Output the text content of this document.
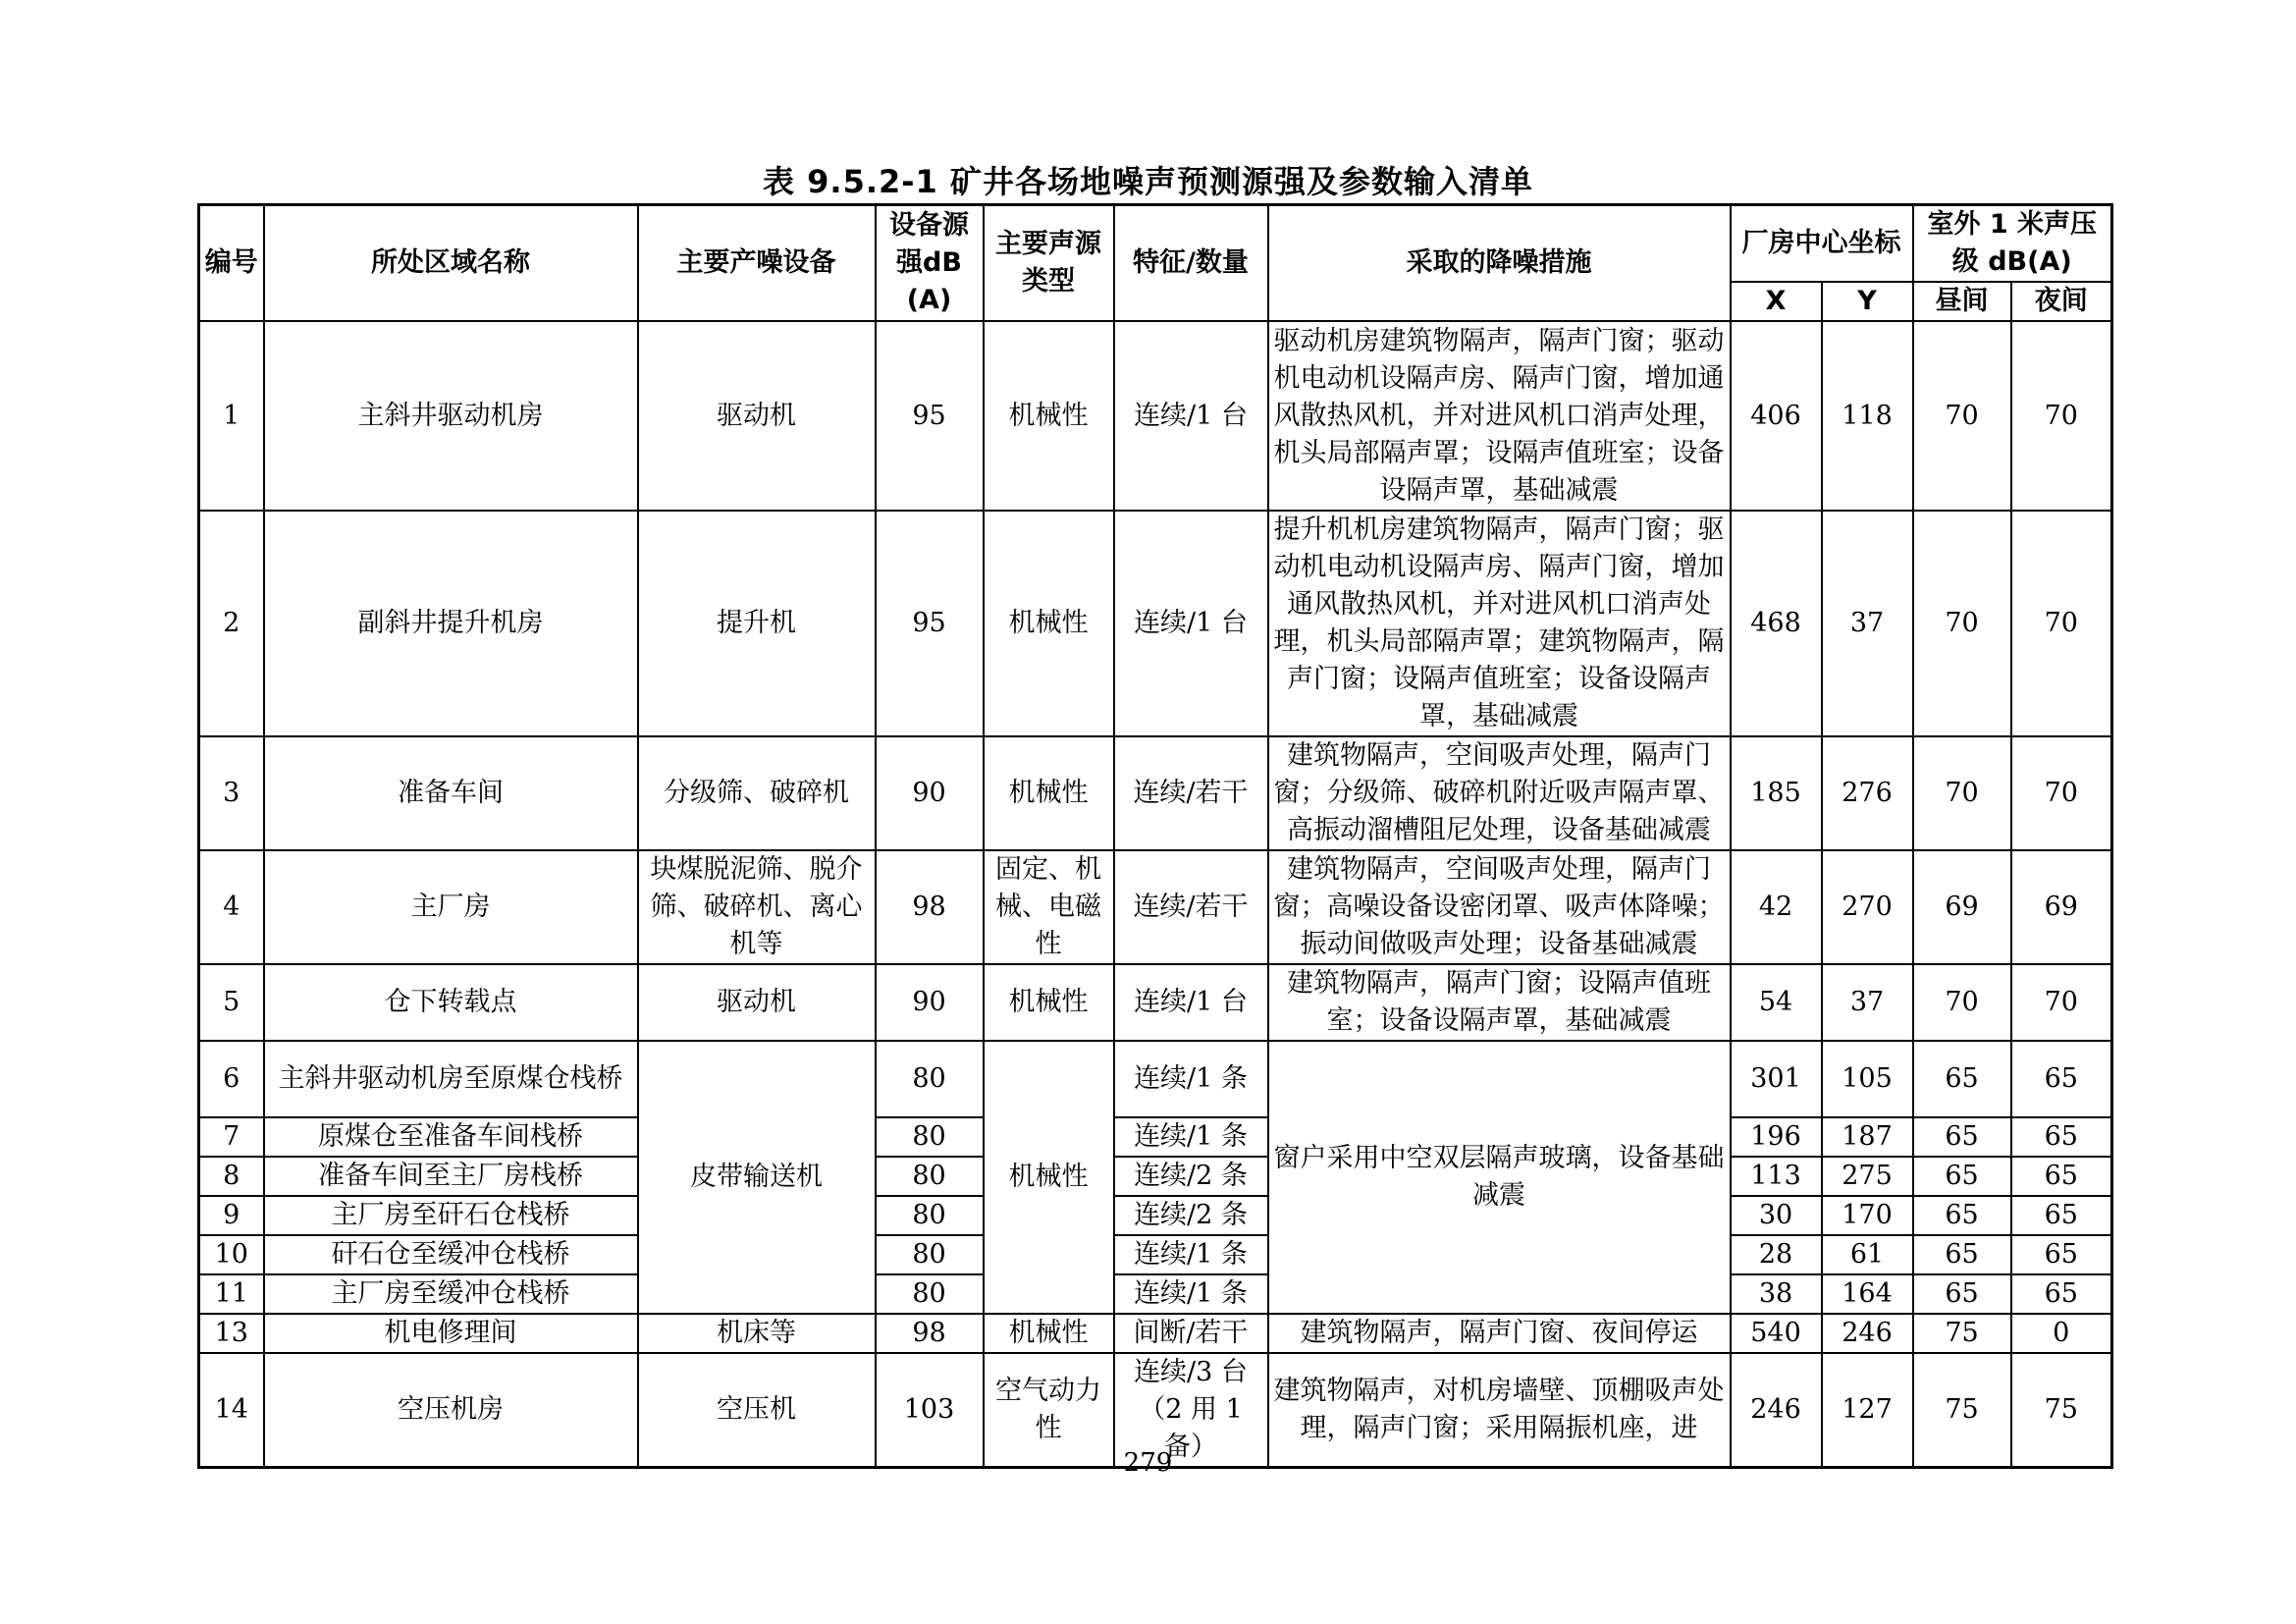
表 9.5.2-1 矿井各场地噪声预测源强及参数输入清单
编号	所处区域名称	主要产噪设备	设备源强dB(A)	主要声源类型	特征/数量	采取的降噪措施	厂房中心坐标		室外 1 米声压级 dB(A)	
							X	Y	昼间	夜间
1	主斜井驱动机房	驱动机	95	机械性	连续/1 台	驱动机房建筑物隔声，隔声门窗；驱动机电动机设隔声房、隔声门窗，增加通风散热风机，并对进风机口消声处理，机头局部隔声罩；设隔声值班室；设备设隔声罩，基础减震	406	118	70	70
2	副斜井提升机房	提升机	95	机械性	连续/1 台	提升机机房建筑物隔声，隔声门窗；驱动机电动机设隔声房、隔声门窗，增加通风散热风机，并对进风机口消声处理，机头局部隔声罩；建筑物隔声，隔声门窗；设隔声值班室；设备设隔声罩，基础减震	468	37	70	70
3	准备车间	分级筛、破碎机	90	机械性	连续/若干	建筑物隔声，空间吸声处理，隔声门窗；分级筛、破碎机附近吸声隔声罩、高振动溜槽阻尼处理，设备基础减震	185	276	70	70
4	主厂房	块煤脱泥筛、脱介筛、破碎机、离心机等	98	固定、机械、电磁性	连续/若干	建筑物隔声，空间吸声处理，隔声门窗；高噪设备设密闭罩、吸声体降噪；振动间做吸声处理；设备基础减震	42	270	69	69
5	仓下转载点	驱动机	90	机械性	连续/1 台	建筑物隔声，隔声门窗；设隔声值班室；设备设隔声罩，基础减震	54	37	70	70
6	主斜井驱动机房至原煤仓栈桥	皮带输送机	80	机械性	连续/1 条	窗户采用中空双层隔声玻璃，设备基础减震	301	105	65	65
7	原煤仓至准备车间栈桥		80		连续/1 条		196	187	65	65
8	准备车间至主厂房栈桥		80		连续/2 条		113	275	65	65
9	主厂房至矸石仓栈桥		80		连续/2 条		30	170	65	65
10	矸石仓至缓冲仓栈桥		80		连续/1 条		28	61	65	65
11	主厂房至缓冲仓栈桥		80		连续/1 条		38	164	65	65
13	机电修理间	机床等	98	机械性	间断/若干	建筑物隔声，隔声门窗、夜间停运	540	246	75	0
14	空压机房	空压机	103	空气动力性	连续/3 台（2 用 1 备）	建筑物隔声，对机房墙壁、顶棚吸声处理，隔声门窗；采用隔振机座，进	246	127	75	75
279
